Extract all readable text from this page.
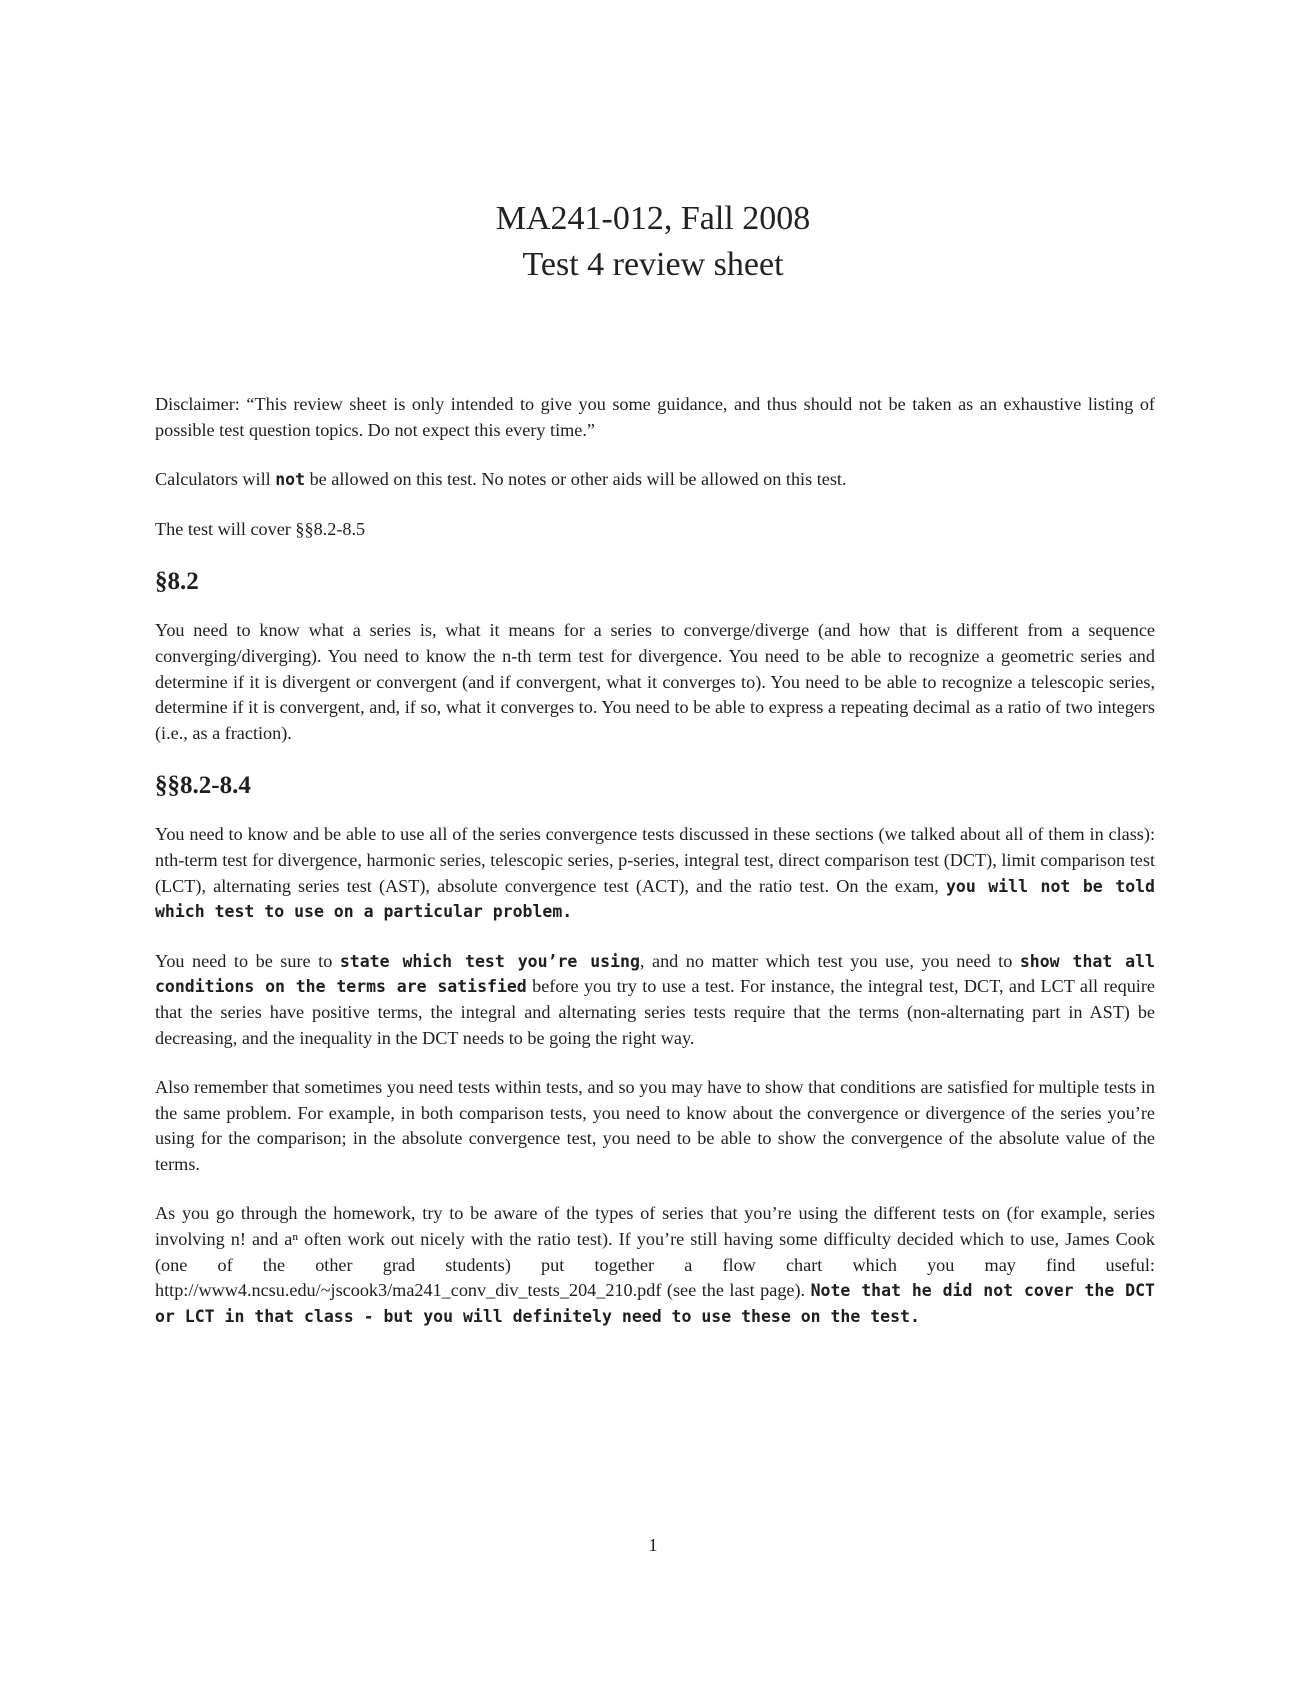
MA241-012, Fall 2008

Test 4 review sheet

Disclaimer: “This review sheet is only intended to give you some guidance, and thus should not be taken as an exhaustive listing of possible test question topics. Do not expect this every time.”

Calculators will not be allowed on this test. No notes or other aids will be allowed on this test.

The test will cover §§8.2-8.5

§8.2

You need to know what a series is, what it means for a series to converge/diverge (and how that is different from a sequence converging/diverging). You need to know the n-th term test for divergence. You need to be able to recognize a geometric series and determine if it is divergent or convergent (and if convergent, what it converges to). You need to be able to recognize a telescopic series, determine if it is convergent, and, if so, what it converges to. You need to be able to express a repeating decimal as a ratio of two integers (i.e., as a fraction).

§§8.2-8.4

You need to know and be able to use all of the series convergence tests discussed in these sections (we talked about all of them in class): nth-term test for divergence, harmonic series, telescopic series, p-series, integral test, direct comparison test (DCT), limit comparison test (LCT), alternating series test (AST), absolute convergence test (ACT), and the ratio test. On the exam, you will not be told which test to use on a particular problem.

You need to be sure to state which test you’re using, and no matter which test you use, you need to show that all conditions on the terms are satisfied before you try to use a test. For instance, the integral test, DCT, and LCT all require that the series have positive terms, the integral and alternating series tests require that the terms (non-alternating part in AST) be decreasing, and the inequality in the DCT needs to be going the right way.

Also remember that sometimes you need tests within tests, and so you may have to show that conditions are satisfied for multiple tests in the same problem. For example, in both comparison tests, you need to know about the convergence or divergence of the series you’re using for the comparison; in the absolute convergence test, you need to be able to show the convergence of the absolute value of the terms.

As you go through the homework, try to be aware of the types of series that you’re using the different tests on (for example, series involving n! and aⁿ often work out nicely with the ratio test). If you’re still having some difficulty decided which to use, James Cook (one of the other grad students) put together a flow chart which you may find useful: http://www4.ncsu.edu/~jscook3/ma241_conv_div_tests_204_210.pdf (see the last page). Note that he did not cover the DCT or LCT in that class - but you will definitely need to use these on the test.

1
